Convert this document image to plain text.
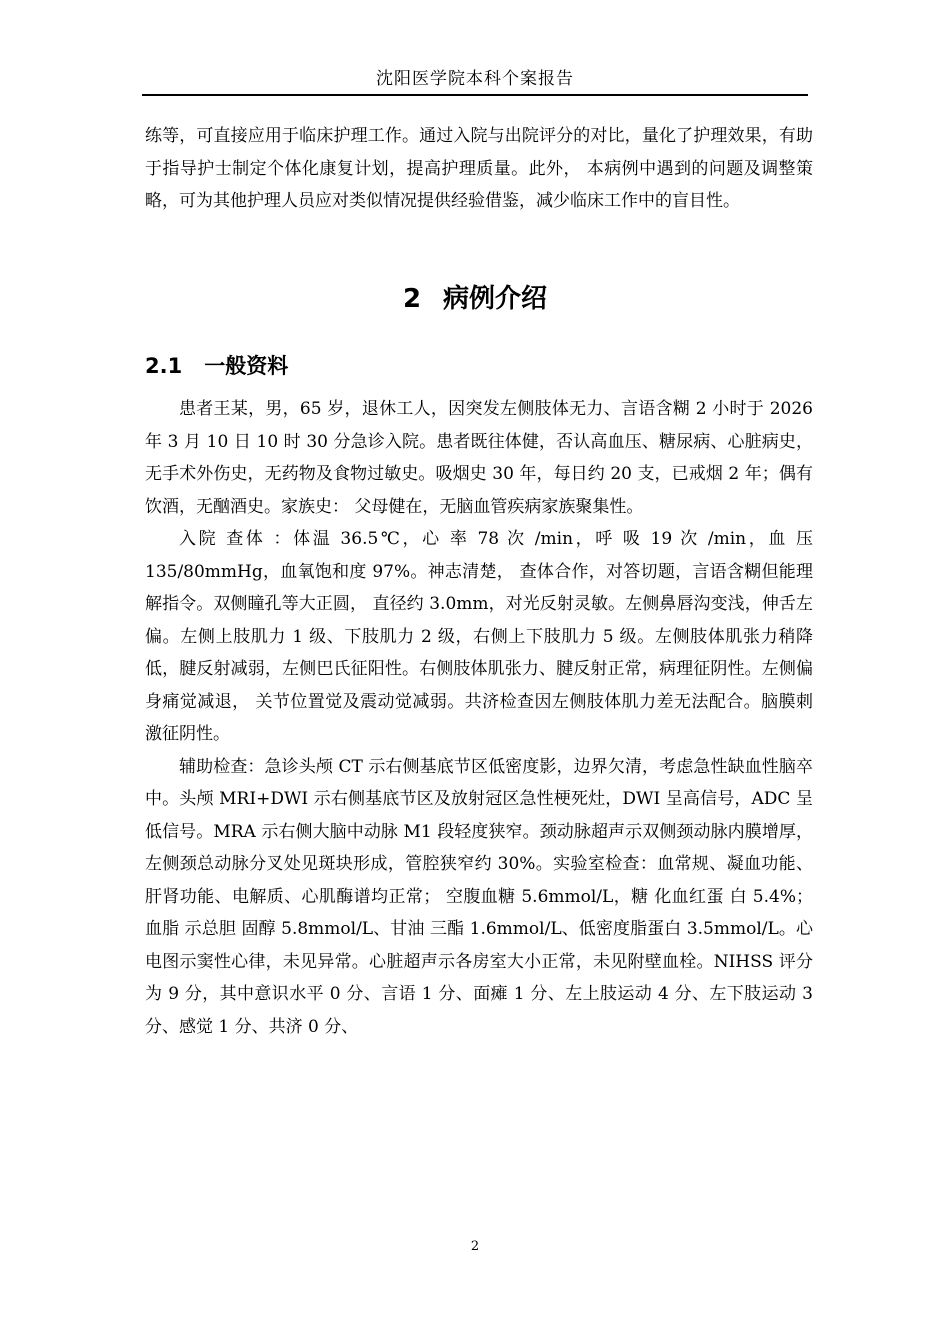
沈阳医学院本科个案报告

练等，可直接应用于临床护理工作。通过入院与出院评分的对比，量化了护理效果，有助于指导护士制定个体化康复计划，提高护理质量。此外， 本病例中遇到的问题及调整策略，可为其他护理人员应对类似情况提供经验借鉴，减少临床工作中的盲目性。

2 病例介绍
2.1 一般资料

患者王某，男，65 岁，退休工人，因突发左侧肢体无力、言语含糊 2 小时于 2026 年 3 月 10 日 10 时 30 分急诊入院。患者既往体健，否认高血压、糖尿病、心脏病史，无手术外伤史，无药物及食物过敏史。吸烟史 30 年，每日约 20 支，已戒烟 2 年；偶有饮酒，无酗酒史。家族史： 父母健在，无脑血管疾病家族聚集性。

入院 查体 ：体温 36.5℃，心 率 78 次 /min，呼 吸 19 次 /min，血 压 135/80mmHg，血氧饱和度 97%。神志清楚， 查体合作，对答切题，言语含糊但能理解指令。双侧瞳孔等大正圆， 直径约 3.0mm，对光反射灵敏。左侧鼻唇沟变浅，伸舌左偏。左侧上肢肌力 1 级、下肢肌力 2 级，右侧上下肢肌力 5 级。左侧肢体肌张力稍降低，腱反射减弱，左侧巴氏征阳性。右侧肢体肌张力、腱反射正常，病理征阴性。左侧偏身痛觉减退， 关节位置觉及震动觉减弱。共济检查因左侧肢体肌力差无法配合。脑膜刺激征阴性。

辅助检查：急诊头颅 CT 示右侧基底节区低密度影，边界欠清，考虑急性缺血性脑卒中。头颅 MRI+DWI 示右侧基底节区及放射冠区急性梗死灶，DWI 呈高信号，ADC 呈低信号。MRA 示右侧大脑中动脉 M1 段轻度狭窄。颈动脉超声示双侧颈动脉内膜增厚，左侧颈总动脉分叉处见斑块形成，管腔狭窄约 30%。实验室检查：血常规、凝血功能、肝肾功能、电解质、心肌酶谱均正常； 空腹血糖 5.6mmol/L，糖 化血红蛋 白 5.4%；血脂 示总胆 固醇 5.8mmol/L、甘油 三酯 1.6mmol/L、低密度脂蛋白 3.5mmol/L。心电图示窦性心律，未见异常。心脏超声示各房室大小正常，未见附壁血栓。NIHSS 评分为 9 分，其中意识水平 0 分、言语 1 分、面瘫 1 分、左上肢运动 4 分、左下肢运动 3 分、感觉 1 分、共济 0 分、

2
